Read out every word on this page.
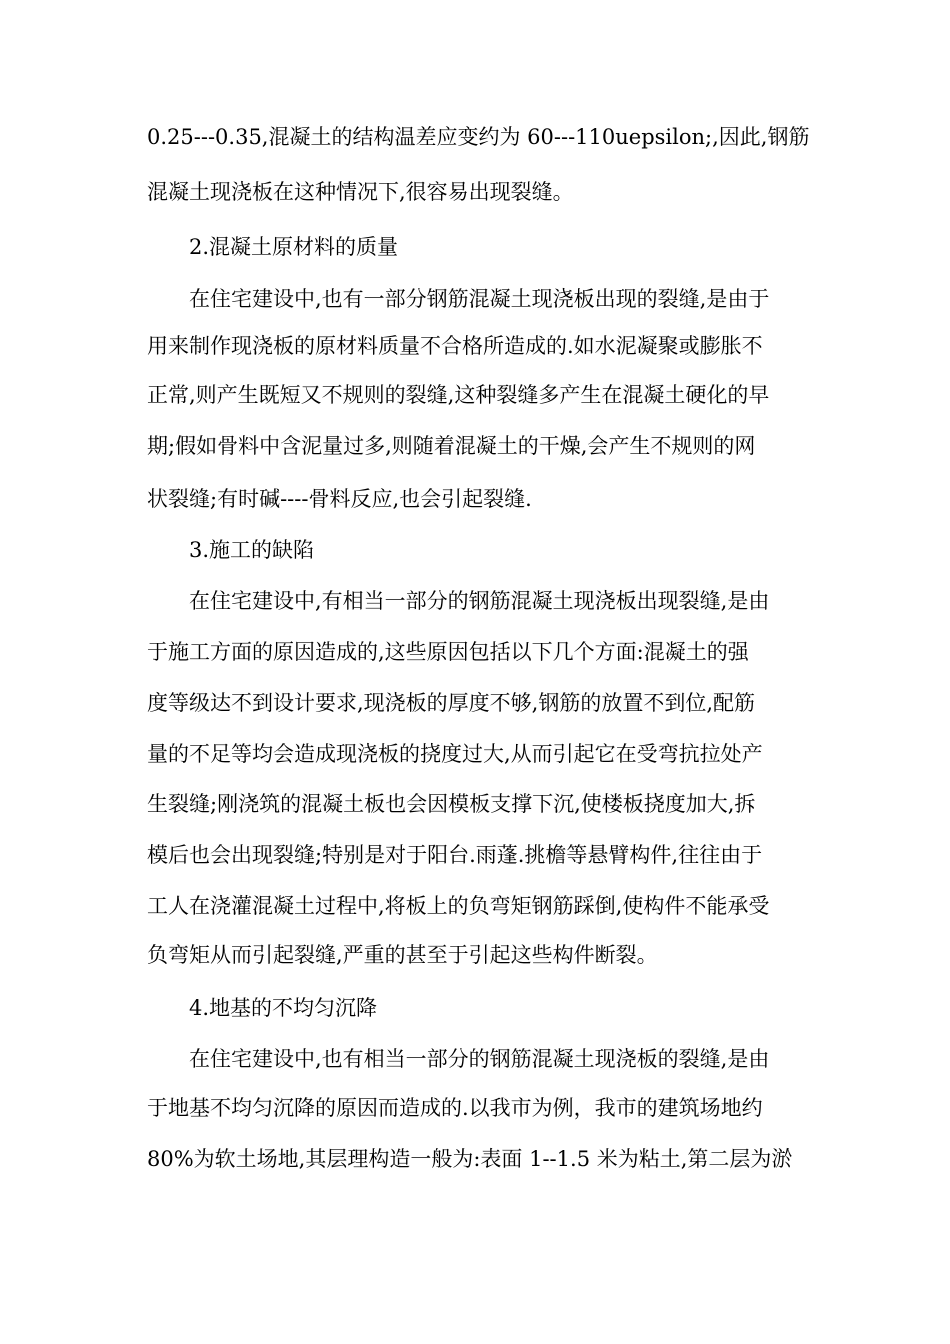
0.25---0.35,混凝土的结构温差应变约为 60---110uepsilon;,因此,钢筋
混凝土现浇板在这种情况下,很容易出现裂缝。
2.混凝土原材料的质量
在住宅建设中,也有一部分钢筋混凝土现浇板出现的裂缝,是由于
用来制作现浇板的原材料质量不合格所造成的.如水泥凝聚或膨胀不
正常,则产生既短又不规则的裂缝,这种裂缝多产生在混凝土硬化的早
期;假如骨料中含泥量过多,则随着混凝土的干燥,会产生不规则的网
状裂缝;有时碱----骨料反应,也会引起裂缝.
3.施工的缺陷
在住宅建设中,有相当一部分的钢筋混凝土现浇板出现裂缝,是由
于施工方面的原因造成的,这些原因包括以下几个方面:混凝土的强
度等级达不到设计要求,现浇板的厚度不够,钢筋的放置不到位,配筋
量的不足等均会造成现浇板的挠度过大,从而引起它在受弯抗拉处产
生裂缝;刚浇筑的混凝土板也会因模板支撑下沉,使楼板挠度加大,拆
模后也会出现裂缝;特别是对于阳台.雨蓬.挑檐等悬臂构件,往往由于
工人在浇灌混凝土过程中,将板上的负弯矩钢筋踩倒,使构件不能承受
负弯矩从而引起裂缝,严重的甚至于引起这些构件断裂。
4.地基的不均匀沉降
在住宅建设中,也有相当一部分的钢筋混凝土现浇板的裂缝,是由
于地基不均匀沉降的原因而造成的.以我市为例，我市的建筑场地约
80%为软土场地,其层理构造一般为:表面 1--1.5 米为粘土,第二层为淤
